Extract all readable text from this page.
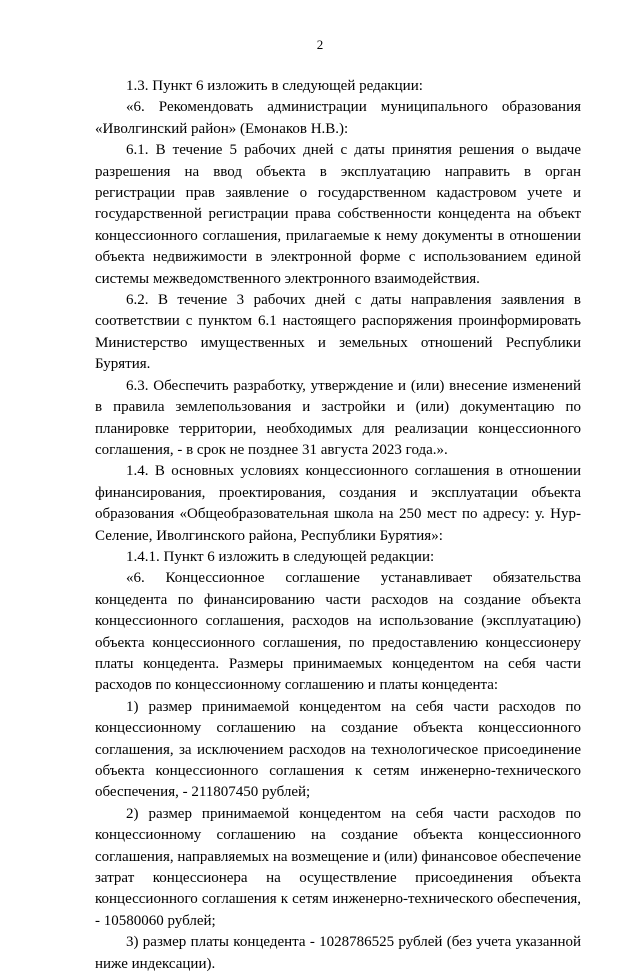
2

1.3. Пункт 6 изложить в следующей редакции:

«6. Рекомендовать администрации муниципального образования «Иволгинский район» (Емонаков Н.В.):

6.1. В течение 5 рабочих дней с даты принятия решения о выдаче разрешения на ввод объекта в эксплуатацию направить в орган регистрации прав заявление о государственном кадастровом учете и государственной регистрации права собственности концедента на объект концессионного соглашения, прилагаемые к нему документы в отношении объекта недвижимости в электронной форме с использованием единой системы межведомственного электронного взаимодействия.

6.2. В течение 3 рабочих дней с даты направления заявления в соответствии с пунктом 6.1 настоящего распоряжения проинформировать Министерство имущественных и земельных отношений Республики Бурятия.

6.3. Обеспечить разработку, утверждение и (или) внесение изменений в правила землепользования и застройки и (или) документацию по планировке территории, необходимых для реализации концессионного соглашения, - в срок не позднее 31 августа 2023 года.».

1.4. В основных условиях концессионного соглашения в отношении финансирования, проектирования, создания и эксплуатации объекта образования «Общеобразовательная школа на 250 мест по адресу: у. Нур-Селение, Иволгинского района, Республики Бурятия»:

1.4.1. Пункт 6 изложить в следующей редакции:

«6. Концессионное соглашение устанавливает обязательства концедента по финансированию части расходов на создание объекта концессионного соглашения, расходов на использование (эксплуатацию) объекта концессионного соглашения, по предоставлению концессионеру платы концедента. Размеры принимаемых концедентом на себя части расходов по концессионному соглашению и платы концедента:

1) размер принимаемой концедентом на себя части расходов по концессионному соглашению на создание объекта концессионного соглашения, за исключением расходов на технологическое присоединение объекта концессионного соглашения к сетям инженерно-технического обеспечения, - 211807450 рублей;

2) размер принимаемой концедентом на себя части расходов по концессионному соглашению на создание объекта концессионного соглашения, направляемых на возмещение и (или) финансовое обеспечение затрат концессионера на осуществление присоединения объекта концессионного соглашения к сетям инженерно-технического обеспечения, - 10580060 рублей;

3) размер платы концедента - 1028786525 рублей (без учета указанной ниже индексации).
